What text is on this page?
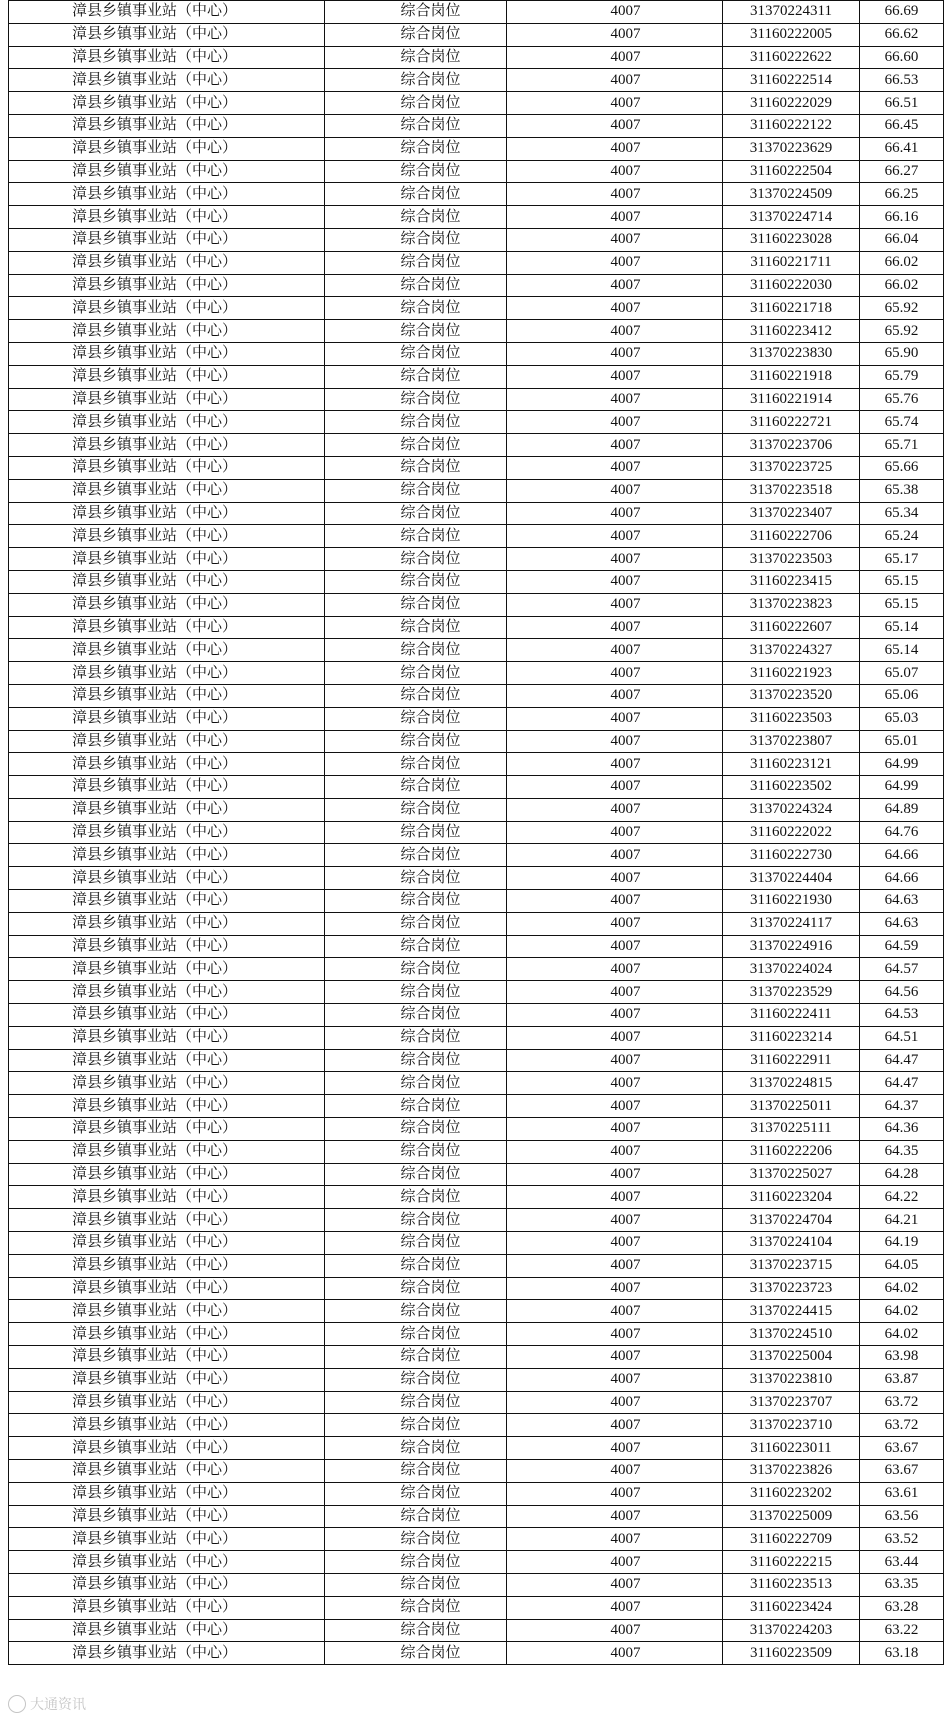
漳县乡镇事业站（中心）	综合岗位	4007	31370224311	66.69
漳县乡镇事业站（中心）	综合岗位	4007	31160222005	66.62
漳县乡镇事业站（中心）	综合岗位	4007	31160222622	66.60
漳县乡镇事业站（中心）	综合岗位	4007	31160222514	66.53
漳县乡镇事业站（中心）	综合岗位	4007	31160222029	66.51
漳县乡镇事业站（中心）	综合岗位	4007	31160222122	66.45
漳县乡镇事业站（中心）	综合岗位	4007	31370223629	66.41
漳县乡镇事业站（中心）	综合岗位	4007	31160222504	66.27
漳县乡镇事业站（中心）	综合岗位	4007	31370224509	66.25
漳县乡镇事业站（中心）	综合岗位	4007	31370224714	66.16
漳县乡镇事业站（中心）	综合岗位	4007	31160223028	66.04
漳县乡镇事业站（中心）	综合岗位	4007	31160221711	66.02
漳县乡镇事业站（中心）	综合岗位	4007	31160222030	66.02
漳县乡镇事业站（中心）	综合岗位	4007	31160221718	65.92
漳县乡镇事业站（中心）	综合岗位	4007	31160223412	65.92
漳县乡镇事业站（中心）	综合岗位	4007	31370223830	65.90
漳县乡镇事业站（中心）	综合岗位	4007	31160221918	65.79
漳县乡镇事业站（中心）	综合岗位	4007	31160221914	65.76
漳县乡镇事业站（中心）	综合岗位	4007	31160222721	65.74
漳县乡镇事业站（中心）	综合岗位	4007	31370223706	65.71
漳县乡镇事业站（中心）	综合岗位	4007	31370223725	65.66
漳县乡镇事业站（中心）	综合岗位	4007	31370223518	65.38
漳县乡镇事业站（中心）	综合岗位	4007	31370223407	65.34
漳县乡镇事业站（中心）	综合岗位	4007	31160222706	65.24
漳县乡镇事业站（中心）	综合岗位	4007	31370223503	65.17
漳县乡镇事业站（中心）	综合岗位	4007	31160223415	65.15
漳县乡镇事业站（中心）	综合岗位	4007	31370223823	65.15
漳县乡镇事业站（中心）	综合岗位	4007	31160222607	65.14
漳县乡镇事业站（中心）	综合岗位	4007	31370224327	65.14
漳县乡镇事业站（中心）	综合岗位	4007	31160221923	65.07
漳县乡镇事业站（中心）	综合岗位	4007	31370223520	65.06
漳县乡镇事业站（中心）	综合岗位	4007	31160223503	65.03
漳县乡镇事业站（中心）	综合岗位	4007	31370223807	65.01
漳县乡镇事业站（中心）	综合岗位	4007	31160223121	64.99
漳县乡镇事业站（中心）	综合岗位	4007	31160223502	64.99
漳县乡镇事业站（中心）	综合岗位	4007	31370224324	64.89
漳县乡镇事业站（中心）	综合岗位	4007	31160222022	64.76
漳县乡镇事业站（中心）	综合岗位	4007	31160222730	64.66
漳县乡镇事业站（中心）	综合岗位	4007	31370224404	64.66
漳县乡镇事业站（中心）	综合岗位	4007	31160221930	64.63
漳县乡镇事业站（中心）	综合岗位	4007	31370224117	64.63
漳县乡镇事业站（中心）	综合岗位	4007	31370224916	64.59
漳县乡镇事业站（中心）	综合岗位	4007	31370224024	64.57
漳县乡镇事业站（中心）	综合岗位	4007	31370223529	64.56
漳县乡镇事业站（中心）	综合岗位	4007	31160222411	64.53
漳县乡镇事业站（中心）	综合岗位	4007	31160223214	64.51
漳县乡镇事业站（中心）	综合岗位	4007	31160222911	64.47
漳县乡镇事业站（中心）	综合岗位	4007	31370224815	64.47
漳县乡镇事业站（中心）	综合岗位	4007	31370225011	64.37
漳县乡镇事业站（中心）	综合岗位	4007	31370225111	64.36
漳县乡镇事业站（中心）	综合岗位	4007	31160222206	64.35
漳县乡镇事业站（中心）	综合岗位	4007	31370225027	64.28
漳县乡镇事业站（中心）	综合岗位	4007	31160223204	64.22
漳县乡镇事业站（中心）	综合岗位	4007	31370224704	64.21
漳县乡镇事业站（中心）	综合岗位	4007	31370224104	64.19
漳县乡镇事业站（中心）	综合岗位	4007	31370223715	64.05
漳县乡镇事业站（中心）	综合岗位	4007	31370223723	64.02
漳县乡镇事业站（中心）	综合岗位	4007	31370224415	64.02
漳县乡镇事业站（中心）	综合岗位	4007	31370224510	64.02
漳县乡镇事业站（中心）	综合岗位	4007	31370225004	63.98
漳县乡镇事业站（中心）	综合岗位	4007	31370223810	63.87
漳县乡镇事业站（中心）	综合岗位	4007	31370223707	63.72
漳县乡镇事业站（中心）	综合岗位	4007	31370223710	63.72
漳县乡镇事业站（中心）	综合岗位	4007	31160223011	63.67
漳县乡镇事业站（中心）	综合岗位	4007	31370223826	63.67
漳县乡镇事业站（中心）	综合岗位	4007	31160223202	63.61
漳县乡镇事业站（中心）	综合岗位	4007	31370225009	63.56
漳县乡镇事业站（中心）	综合岗位	4007	31160222709	63.52
漳县乡镇事业站（中心）	综合岗位	4007	31160222215	63.44
漳县乡镇事业站（中心）	综合岗位	4007	31160223513	63.35
漳县乡镇事业站（中心）	综合岗位	4007	31160223424	63.28
漳县乡镇事业站（中心）	综合岗位	4007	31370224203	63.22
漳县乡镇事业站（中心）	综合岗位	4007	31160223509	63.18
大通资讯
